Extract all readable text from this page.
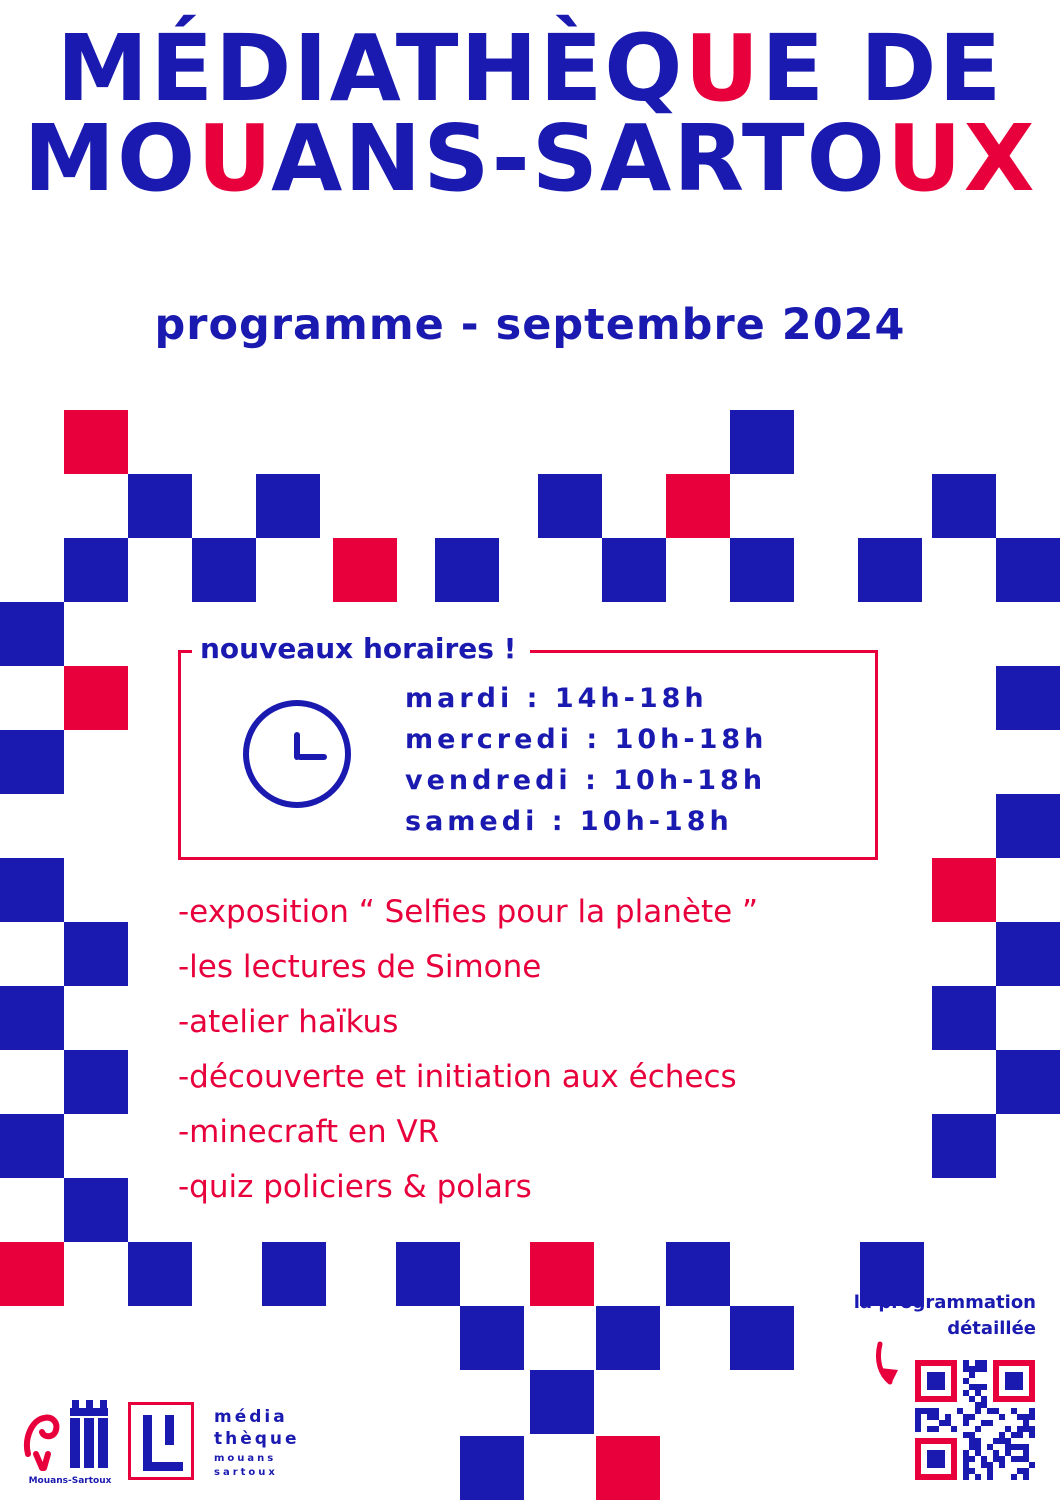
MÉDIATHÈQUE DE
MOUANS-SARTOUX
programme - septembre 2024
nouveaux horaires !
mardi : 14h-18h
mercredi : 10h-18h
vendredi : 10h-18h
samedi : 10h-18h
-exposition “ Selfies pour la planète ”
-les lectures de Simone
-atelier haïkus
-découverte et initiation aux échecs
-minecraft en VR
-quiz policiers & polars
la programmation
détaillée
Mouans-Sartoux
média
thèque
mouans
sartoux
